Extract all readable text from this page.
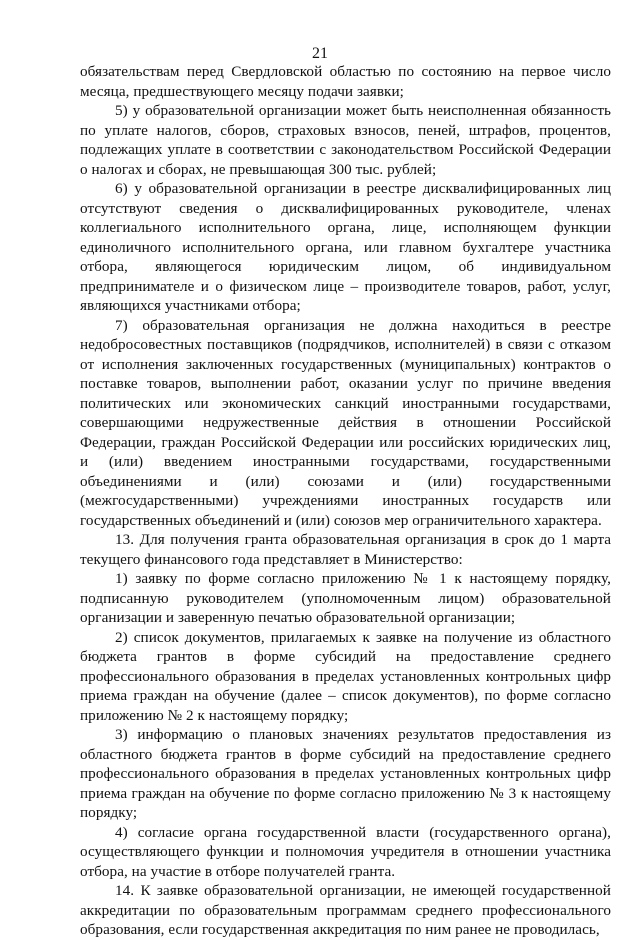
21

обязательствам перед Свердловской областью по состоянию на первое число месяца, предшествующего месяцу подачи заявки;

5) у образовательной организации может быть неисполненная обязанность по уплате налогов, сборов, страховых взносов, пеней, штрафов, процентов, подлежащих уплате в соответствии с законодательством Российской Федерации о налогах и сборах, не превышающая 300 тыс. рублей;

6) у образовательной организации в реестре дисквалифицированных лиц отсутствуют сведения о дисквалифицированных руководителе, членах коллегиального исполнительного органа, лице, исполняющем функции единоличного исполнительного органа, или главном бухгалтере участника отбора, являющегося юридическим лицом, об индивидуальном предпринимателе и о физическом лице – производителе товаров, работ, услуг, являющихся участниками отбора;

7) образовательная организация не должна находиться в реестре недобросовестных поставщиков (подрядчиков, исполнителей) в связи с отказом от исполнения заключенных государственных (муниципальных) контрактов о поставке товаров, выполнении работ, оказании услуг по причине введения политических или экономических санкций иностранными государствами, совершающими недружественные действия в отношении Российской Федерации, граждан Российской Федерации или российских юридических лиц, и (или) введением иностранными государствами, государственными объединениями и (или) союзами и (или) государственными (межгосударственными) учреждениями иностранных государств или государственных объединений и (или) союзов мер ограничительного характера.

13. Для получения гранта образовательная организация в срок до 1 марта текущего финансового года представляет в Министерство:

1) заявку по форме согласно приложению № 1 к настоящему порядку, подписанную руководителем (уполномоченным лицом) образовательной организации и заверенную печатью образовательной организации;

2) список документов, прилагаемых к заявке на получение из областного бюджета грантов в форме субсидий на предоставление среднего профессионального образования в пределах установленных контрольных цифр приема граждан на обучение (далее – список документов), по форме согласно приложению № 2 к настоящему порядку;

3) информацию о плановых значениях результатов предоставления из областного бюджета грантов в форме субсидий на предоставление среднего профессионального образования в пределах установленных контрольных цифр приема граждан на обучение по форме согласно приложению № 3 к настоящему порядку;

4) согласие органа государственной власти (государственного органа), осуществляющего функции и полномочия учредителя в отношении участника отбора, на участие в отборе получателей гранта.

14. К заявке образовательной организации, не имеющей государственной аккредитации по образовательным программам среднего профессионального образования, если государственная аккредитация по ним ранее не проводилась,
